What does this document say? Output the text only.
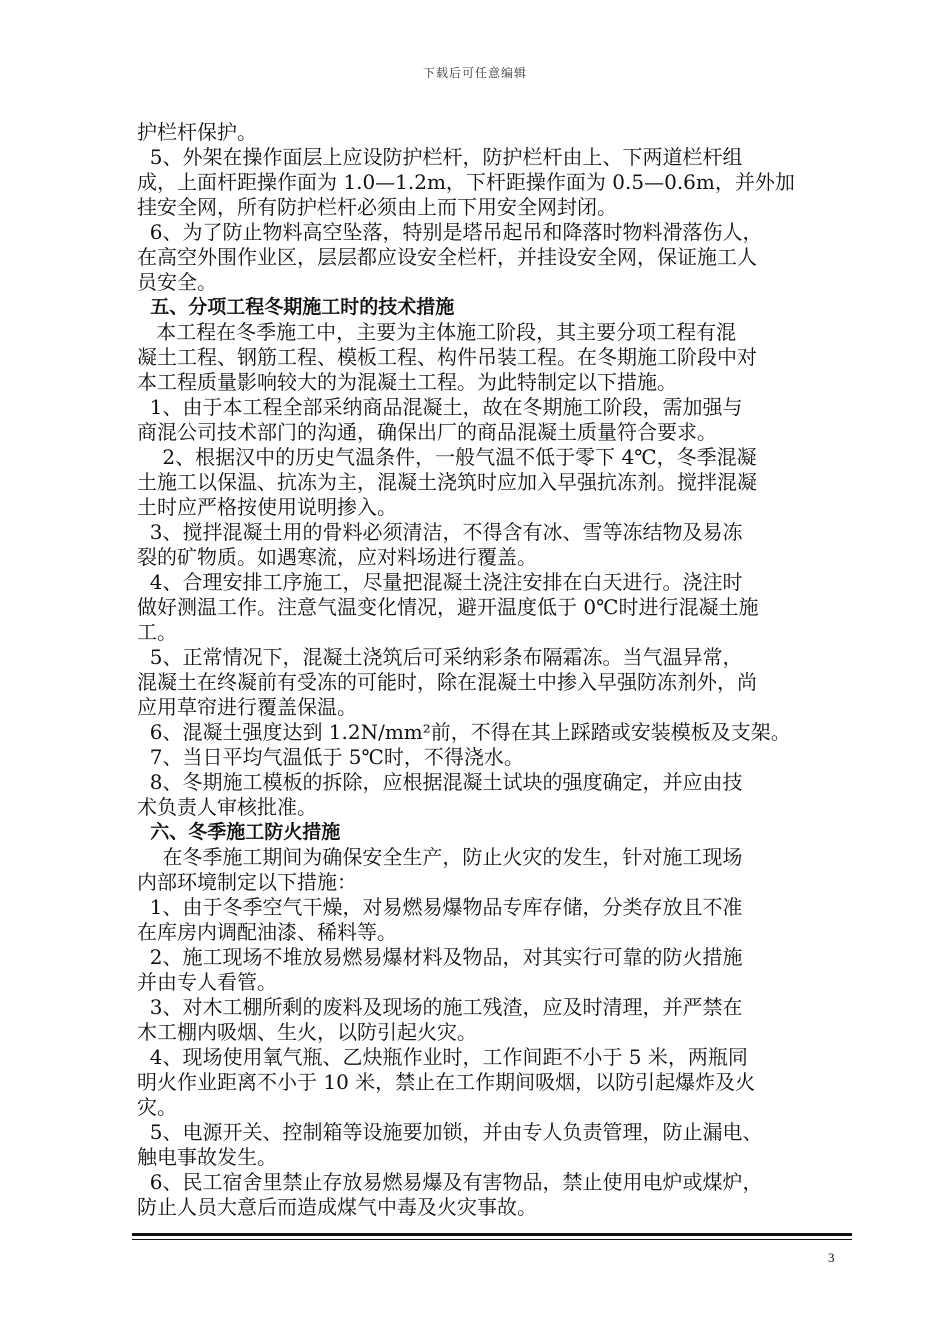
下载后可任意编辑

护栏杆保护。

5、外架在操作面层上应设防护栏杆，防护栏杆由上、下两道栏杆组

成，上面杆距操作面为 1.0—1.2m，下杆距操作面为 0.5—0.6m，并外加

挂安全网，所有防护栏杆必须由上而下用安全网封闭。

6、为了防止物料高空坠落，特别是塔吊起吊和降落时物料滑落伤人，

在高空外围作业区，层层都应设安全栏杆，并挂设安全网，保证施工人

员安全。

五、分项工程冬期施工时的技术措施

本工程在冬季施工中，主要为主体施工阶段，其主要分项工程有混

凝土工程、钢筋工程、模板工程、构件吊装工程。在冬期施工阶段中对

本工程质量影响较大的为混凝土工程。为此特制定以下措施。

1、由于本工程全部采纳商品混凝土，故在冬期施工阶段，需加强与

商混公司技术部门的沟通，确保出厂的商品混凝土质量符合要求。

2、根据汉中的历史气温条件，一般气温不低于零下 4℃，冬季混凝

土施工以保温、抗冻为主，混凝土浇筑时应加入早强抗冻剂。搅拌混凝

土时应严格按使用说明掺入。

3、搅拌混凝土用的骨料必须清洁，不得含有冰、雪等冻结物及易冻

裂的矿物质。如遇寒流，应对料场进行覆盖。

4、合理安排工序施工，尽量把混凝土浇注安排在白天进行。浇注时

做好测温工作。注意气温变化情况，避开温度低于 0℃时进行混凝土施

工。

5、正常情况下，混凝土浇筑后可采纳彩条布隔霜冻。当气温异常，

混凝土在终凝前有受冻的可能时，除在混凝土中掺入早强防冻剂外，尚

应用草帘进行覆盖保温。

6、混凝土强度达到 1.2N/mm²前，不得在其上踩踏或安装模板及支架。

7、当日平均气温低于 5℃时，不得浇水。

8、冬期施工模板的拆除，应根据混凝土试块的强度确定，并应由技

术负责人审核批准。

六、冬季施工防火措施

在冬季施工期间为确保安全生产，防止火灾的发生，针对施工现场

内部环境制定以下措施：

1、由于冬季空气干燥，对易燃易爆物品专库存储，分类存放且不准

在库房内调配油漆、稀料等。

2、施工现场不堆放易燃易爆材料及物品，对其实行可靠的防火措施

并由专人看管。

3、对木工棚所剩的废料及现场的施工残渣，应及时清理，并严禁在

木工棚内吸烟、生火，以防引起火灾。

4、现场使用氧气瓶、乙炔瓶作业时，工作间距不小于 5 米，两瓶同

明火作业距离不小于 10 米，禁止在工作期间吸烟，以防引起爆炸及火

灾。

5、电源开关、控制箱等设施要加锁，并由专人负责管理，防止漏电、

触电事故发生。

6、民工宿舍里禁止存放易燃易爆及有害物品，禁止使用电炉或煤炉，

防止人员大意后而造成煤气中毒及火灾事故。

3
